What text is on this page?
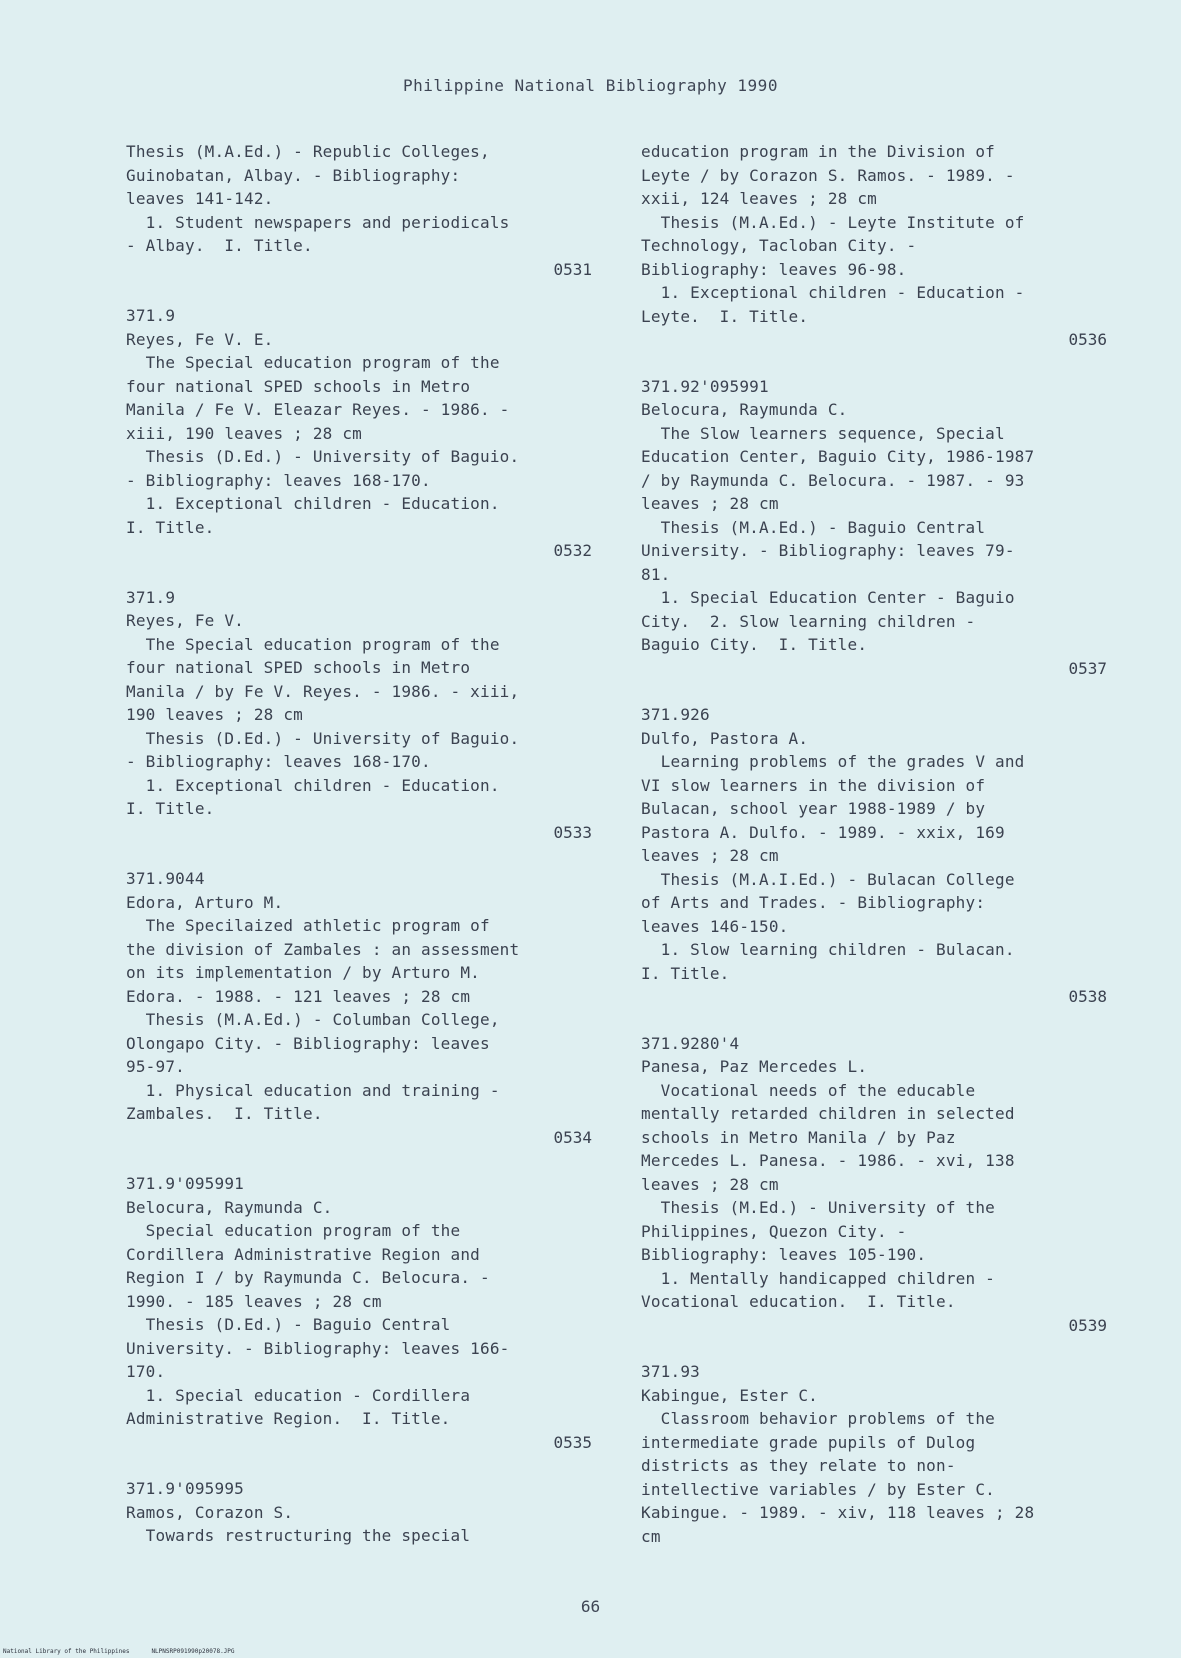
Philippine National Bibliography 1990
Thesis (M.A.Ed.) - Republic Colleges,
Guinobatan, Albay. - Bibliography:
leaves 141-142.
1. Student newspapers and periodicals
- Albay.  I. Title.
0531
371.9
Reyes, Fe V. E.
The Special education program of the
four national SPED schools in Metro
Manila / Fe V. Eleazar Reyes. - 1986. -
xiii, 190 leaves ; 28 cm
Thesis (D.Ed.) - University of Baguio.
- Bibliography: leaves 168-170.
1. Exceptional children - Education.
I. Title.
0532
371.9
Reyes, Fe V.
The Special education program of the
four national SPED schools in Metro
Manila / by Fe V. Reyes. - 1986. - xiii,
190 leaves ; 28 cm
Thesis (D.Ed.) - University of Baguio.
- Bibliography: leaves 168-170.
1. Exceptional children - Education.
I. Title.
0533
371.9044
Edora, Arturo M.
The Specilaized athletic program of
the division of Zambales : an assessment
on its implementation / by Arturo M.
Edora. - 1988. - 121 leaves ; 28 cm
Thesis (M.A.Ed.) - Columban College,
Olongapo City. - Bibliography: leaves
95-97.
1. Physical education and training -
Zambales.  I. Title.
0534
371.9'095991
Belocura, Raymunda C.
Special education program of the
Cordillera Administrative Region and
Region I / by Raymunda C. Belocura. -
1990. - 185 leaves ; 28 cm
Thesis (D.Ed.) - Baguio Central
University. - Bibliography: leaves 166-
170.
1. Special education - Cordillera
Administrative Region.  I. Title.
0535
371.9'095995
Ramos, Corazon S.
Towards restructuring the special
education program in the Division of
Leyte / by Corazon S. Ramos. - 1989. -
xxii, 124 leaves ; 28 cm
Thesis (M.A.Ed.) - Leyte Institute of
Technology, Tacloban City. -
Bibliography: leaves 96-98.
1. Exceptional children - Education -
Leyte.  I. Title.
0536
371.92'095991
Belocura, Raymunda C.
The Slow learners sequence, Special
Education Center, Baguio City, 1986-1987
/ by Raymunda C. Belocura. - 1987. - 93
leaves ; 28 cm
Thesis (M.A.Ed.) - Baguio Central
University. - Bibliography: leaves 79-
81.
1. Special Education Center - Baguio
City.  2. Slow learning children -
Baguio City.  I. Title.
0537
371.926
Dulfo, Pastora A.
Learning problems of the grades V and
VI slow learners in the division of
Bulacan, school year 1988-1989 / by
Pastora A. Dulfo. - 1989. - xxix, 169
leaves ; 28 cm
Thesis (M.A.I.Ed.) - Bulacan College
of Arts and Trades. - Bibliography:
leaves 146-150.
1. Slow learning children - Bulacan.
I. Title.
0538
371.9280'4
Panesa, Paz Mercedes L.
Vocational needs of the educable
mentally retarded children in selected
schools in Metro Manila / by Paz
Mercedes L. Panesa. - 1986. - xvi, 138
leaves ; 28 cm
Thesis (M.Ed.) - University of the
Philippines, Quezon City. -
Bibliography: leaves 105-190.
1. Mentally handicapped children -
Vocational education.  I. Title.
0539
371.93
Kabingue, Ester C.
Classroom behavior problems of the
intermediate grade pupils of Dulog
districts as they relate to non-
intellective variables / by Ester C.
Kabingue. - 1989. - xiv, 118 leaves ; 28
cm
66
National Library of the Philippines	NLPNSRP091990p20078.JPG
